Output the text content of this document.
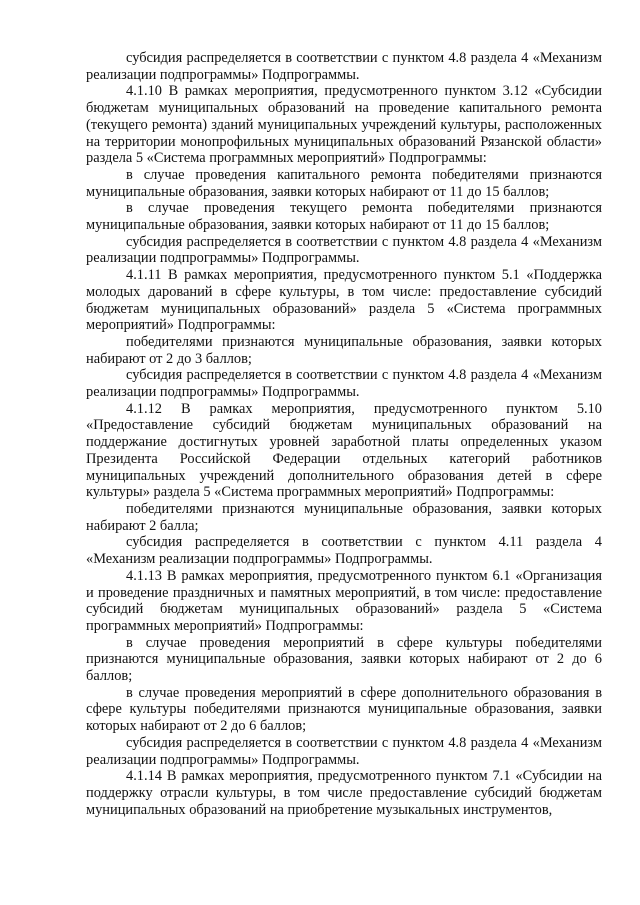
субсидия распределяется в соответствии с пунктом 4.8 раздела 4 «Механизм реализации подпрограммы» Подпрограммы.

4.1.10 В рамках мероприятия, предусмотренного пунктом 3.12 «Субсидии бюджетам муниципальных образований на проведение капитального ремонта (текущего ремонта) зданий муниципальных учреждений культуры, расположенных на территории монопрофильных муниципальных образований Рязанской области» раздела 5 «Система программных мероприятий» Подпрограммы:

в случае проведения капитального ремонта победителями признаются муниципальные образования, заявки которых набирают от 11 до 15 баллов;

в случае проведения текущего ремонта победителями признаются муниципальные образования, заявки которых набирают от 11 до 15 баллов;

субсидия распределяется в соответствии с пунктом 4.8 раздела 4 «Механизм реализации подпрограммы» Подпрограммы.

4.1.11 В рамках мероприятия, предусмотренного пунктом 5.1 «Поддержка молодых дарований в сфере культуры, в том числе: предоставление субсидий бюджетам муниципальных образований» раздела 5 «Система программных мероприятий» Подпрограммы:

победителями признаются муниципальные образования, заявки которых набирают от 2 до 3 баллов;

субсидия распределяется в соответствии с пунктом 4.8 раздела 4 «Механизм реализации подпрограммы» Подпрограммы.

4.1.12 В рамках мероприятия, предусмотренного пунктом 5.10 «Предоставление субсидий бюджетам муниципальных образований на поддержание достигнутых уровней заработной платы определенных указом Президента Российской Федерации отдельных категорий работников муниципальных учреждений дополнительного образования детей в сфере культуры» раздела 5 «Система программных мероприятий» Подпрограммы:

победителями признаются муниципальные образования, заявки которых набирают 2 балла;

субсидия распределяется в соответствии с пунктом 4.11 раздела 4 «Механизм реализации подпрограммы» Подпрограммы.

4.1.13 В рамках мероприятия, предусмотренного пунктом 6.1 «Организация и проведение праздничных и памятных мероприятий, в том числе: предоставление субсидий бюджетам муниципальных образований» раздела 5 «Система программных мероприятий» Подпрограммы:

в случае проведения мероприятий в сфере культуры победителями признаются муниципальные образования, заявки которых набирают от 2 до 6 баллов;

в случае проведения мероприятий в сфере дополнительного образования в сфере культуры победителями признаются муниципальные образования, заявки которых набирают от 2 до 6 баллов;

субсидия распределяется в соответствии с пунктом 4.8 раздела 4 «Механизм реализации подпрограммы» Подпрограммы.

4.1.14 В рамках мероприятия, предусмотренного пунктом 7.1 «Субсидии на поддержку отрасли культуры, в том числе предоставление субсидий бюджетам муниципальных образований на приобретение музыкальных инструментов,
